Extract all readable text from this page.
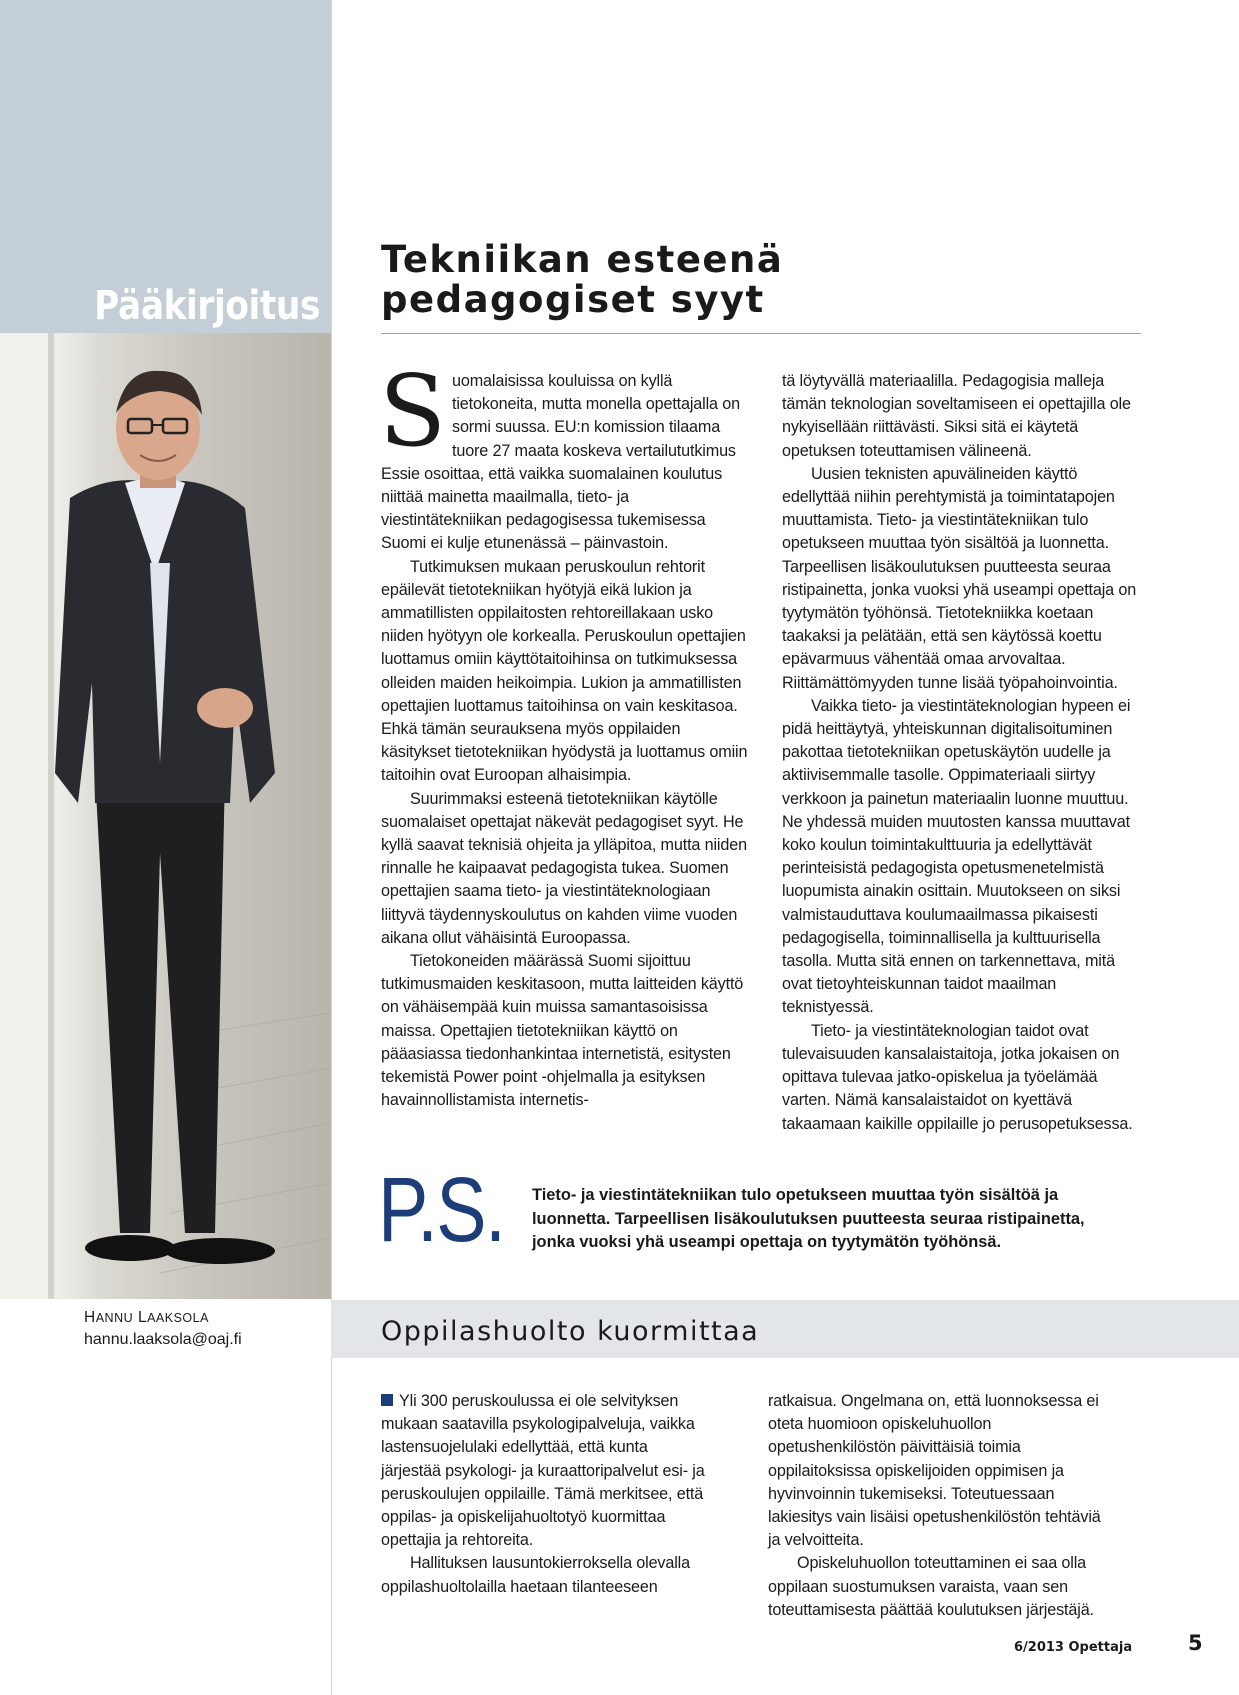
Pääkirjoitus
Tekniikan esteenä
pedagogiset syyt

Suomalaisissa kouluissa on kyllä tietokoneita, mutta monella opettajalla on sormi suussa. EU:n komission tilaama tuore 27 maata koskeva vertailututkimus Essie osoittaa, että vaikka suomalainen koulutus niittää mainetta maailmalla, tieto- ja viestintätekniikan pedagogisessa tukemisessa Suomi ei kulje etunenässä – päinvastoin.

Tutkimuksen mukaan peruskoulun rehtorit epäilevät tietotekniikan hyötyjä eikä lukion ja ammatillisten oppilaitosten rehtoreillakaan usko niiden hyötyyn ole korkealla. Peruskoulun opettajien luottamus omiin käyttötaitoihinsa on tutkimuksessa olleiden maiden heikoimpia. Lukion ja ammatillisten opettajien luottamus taitoihinsa on vain keskitasoa. Ehkä tämän seurauksena myös oppilaiden käsitykset tietotekniikan hyödystä ja luottamus omiin taitoihin ovat Euroopan alhaisimpia.

Suurimmaksi esteenä tietotekniikan käytölle suomalaiset opettajat näkevät pedagogiset syyt. He kyllä saavat teknisiä ohjeita ja ylläpitoa, mutta niiden rinnalle he kaipaavat pedagogista tukea. Suomen opettajien saama tieto- ja viestintäteknologiaan liittyvä täydennyskoulutus on kahden viime vuoden aikana ollut vähäisintä Euroopassa.

Tietokoneiden määrässä Suomi sijoittuu tutkimusmaiden keskitasoon, mutta laitteiden käyttö on vähäisempää kuin muissa samantasoisissa maissa. Opettajien tietotekniikan käyttö on pääasiassa tiedonhankintaa internetistä, esitysten tekemistä Power point -ohjelmalla ja esityksen havainnollistamista internetis-

tä löytyvällä materiaalilla. Pedagogisia malleja tämän teknologian soveltamiseen ei opettajilla ole nykyisellään riittävästi. Siksi sitä ei käytetä opetuksen toteuttamisen välineenä.

Uusien teknisten apuvälineiden käyttö edellyttää niihin perehtymistä ja toimintatapojen muuttamista. Tieto- ja viestintätekniikan tulo opetukseen muuttaa työn sisältöä ja luonnetta. Tarpeellisen lisäkoulutuksen puutteesta seuraa ristipainetta, jonka vuoksi yhä useampi opettaja on tyytymätön työhönsä. Tietotekniikka koetaan taakaksi ja pelätään, että sen käytössä koettu epävarmuus vähentää omaa arvovaltaa. Riittämättömyyden tunne lisää työpahoinvointia.

Vaikka tieto- ja viestintäteknologian hypeen ei pidä heittäytyä, yhteiskunnan digitalisoituminen pakottaa tietotekniikan opetuskäytön uudelle ja aktiivisemmalle tasolle. Oppimateriaali siirtyy verkkoon ja painetun materiaalin luonne muuttuu. Ne yhdessä muiden muutosten kanssa muuttavat koko koulun toimintakulttuuria ja edellyttävät perinteisistä pedagogista opetusmenetelmistä luopumista ainakin osittain. Muutokseen on siksi valmistauduttava koulumaailmassa pikaisesti pedagogisella, toiminnallisella ja kulttuurisella tasolla. Mutta sitä ennen on tarkennettava, mitä ovat tietoyhteiskunnan taidot maailman teknistyessä.

Tieto- ja viestintäteknologian taidot ovat tulevaisuuden kansalaistaitoja, jotka jokaisen on opittava tulevaa jatko-opiskelua ja työelämää varten. Nämä kansalaistaidot on kyettävä takaamaan kaikille oppilaille jo perusopetuksessa.

P.S. Tieto- ja viestintätekniikan tulo opetukseen muuttaa työn sisältöä ja luonnetta. Tarpeellisen lisäkoulutuksen puutteesta seuraa ristipainetta, jonka vuoksi yhä useampi opettaja on tyytymätön työhönsä.
HANNU LAAKSOLA
hannu.laaksola@oaj.fi	Oppilashuolto kuormittaa

Yli 300 peruskoulussa ei ole selvityksen mukaan saatavilla psykologipalveluja, vaikka lastensuojelulaki edellyttää, että kunta järjestää psykologi- ja kuraattoripalvelut esi- ja peruskoulujen oppilaille. Tämä merkitsee, että oppilas- ja opiskelijahuoltotyö kuormittaa opettajia ja rehtoreita.

Hallituksen lausuntokierroksella olevalla oppilashuoltolailla haetaan tilanteeseen

ratkaisua. Ongelmana on, että luonnoksessa ei oteta huomioon opiskeluhuollon opetushenkilöstön päivittäisiä toimia oppilaitoksissa opiskelijoiden oppimisen ja hyvinvoinnin tukemiseksi. Toteutuessaan lakiesitys vain lisäisi opetushenkilöstön tehtäviä ja velvoitteita.

Opiskeluhuollon toteuttaminen ei saa olla oppilaan suostumuksen varaista, vaan sen toteuttamisesta päättää koulutuksen järjestäjä.

6/2013 Opettaja	5
